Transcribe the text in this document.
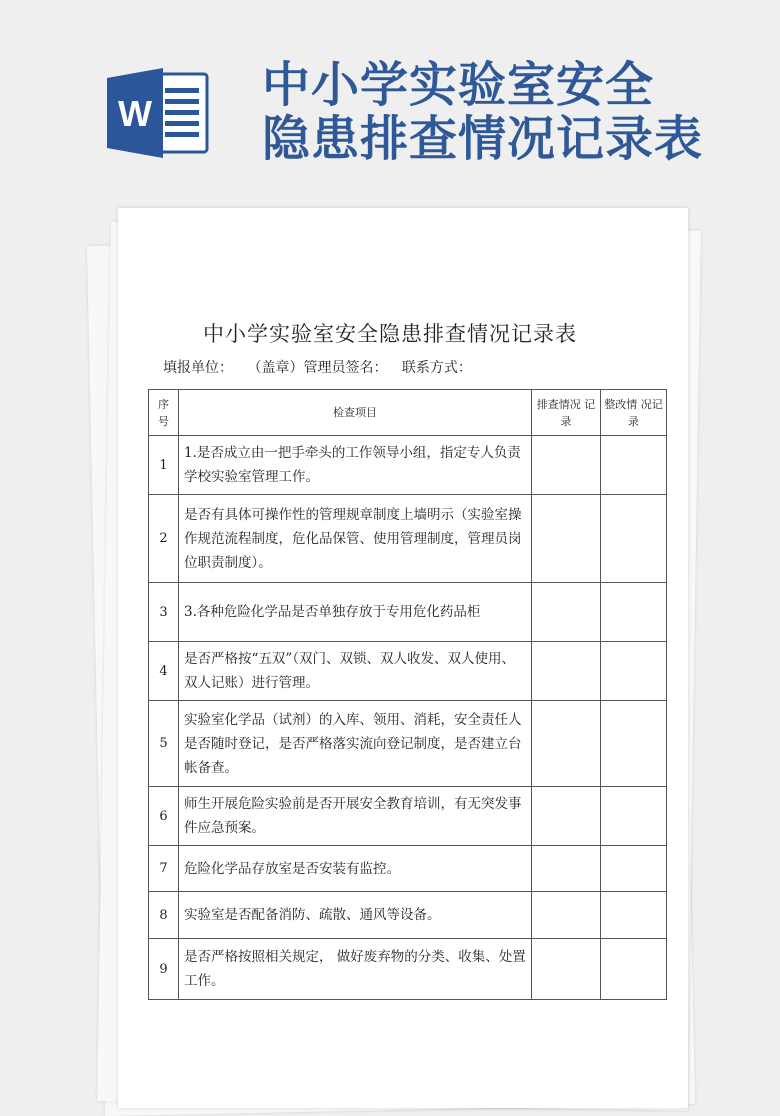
W
中小学实验室安全
隐患排查情况记录表
中小学实验室安全隐患排查情况记录表
填报单位： （盖章）管理员签名： 联系方式：
序号	检查项目	排查情况 记录	整改情 况记录
1	1.是否成立由一把手牵头的工作领导小组，指定专人负责学校实验室管理工作。		
2	是否有具体可操作性的管理规章制度上墙明示（实验室操作规范流程制度，危化品保管、使用管理制度，管理员岗位职责制度）。		
3	3.各种危险化学品是否单独存放于专用危化药品柜		
4	是否严格按“五双”（双门、双锁、双人收发、双人使用、双人记账）进行管理。		
5	实验室化学品（试剂）的入库、领用、消耗，安全责任人是否随时登记，是否严格落实流向登记制度，是否建立台帐备查。		
6	师生开展危险实验前是否开展安全教育培训，有无突发事件应急预案。		
7	危险化学品存放室是否安装有监控。		
8	实验室是否配备消防、疏散、通风等设备。		
9	是否严格按照相关规定， 做好废弃物的分类、收集、处置工作。		
